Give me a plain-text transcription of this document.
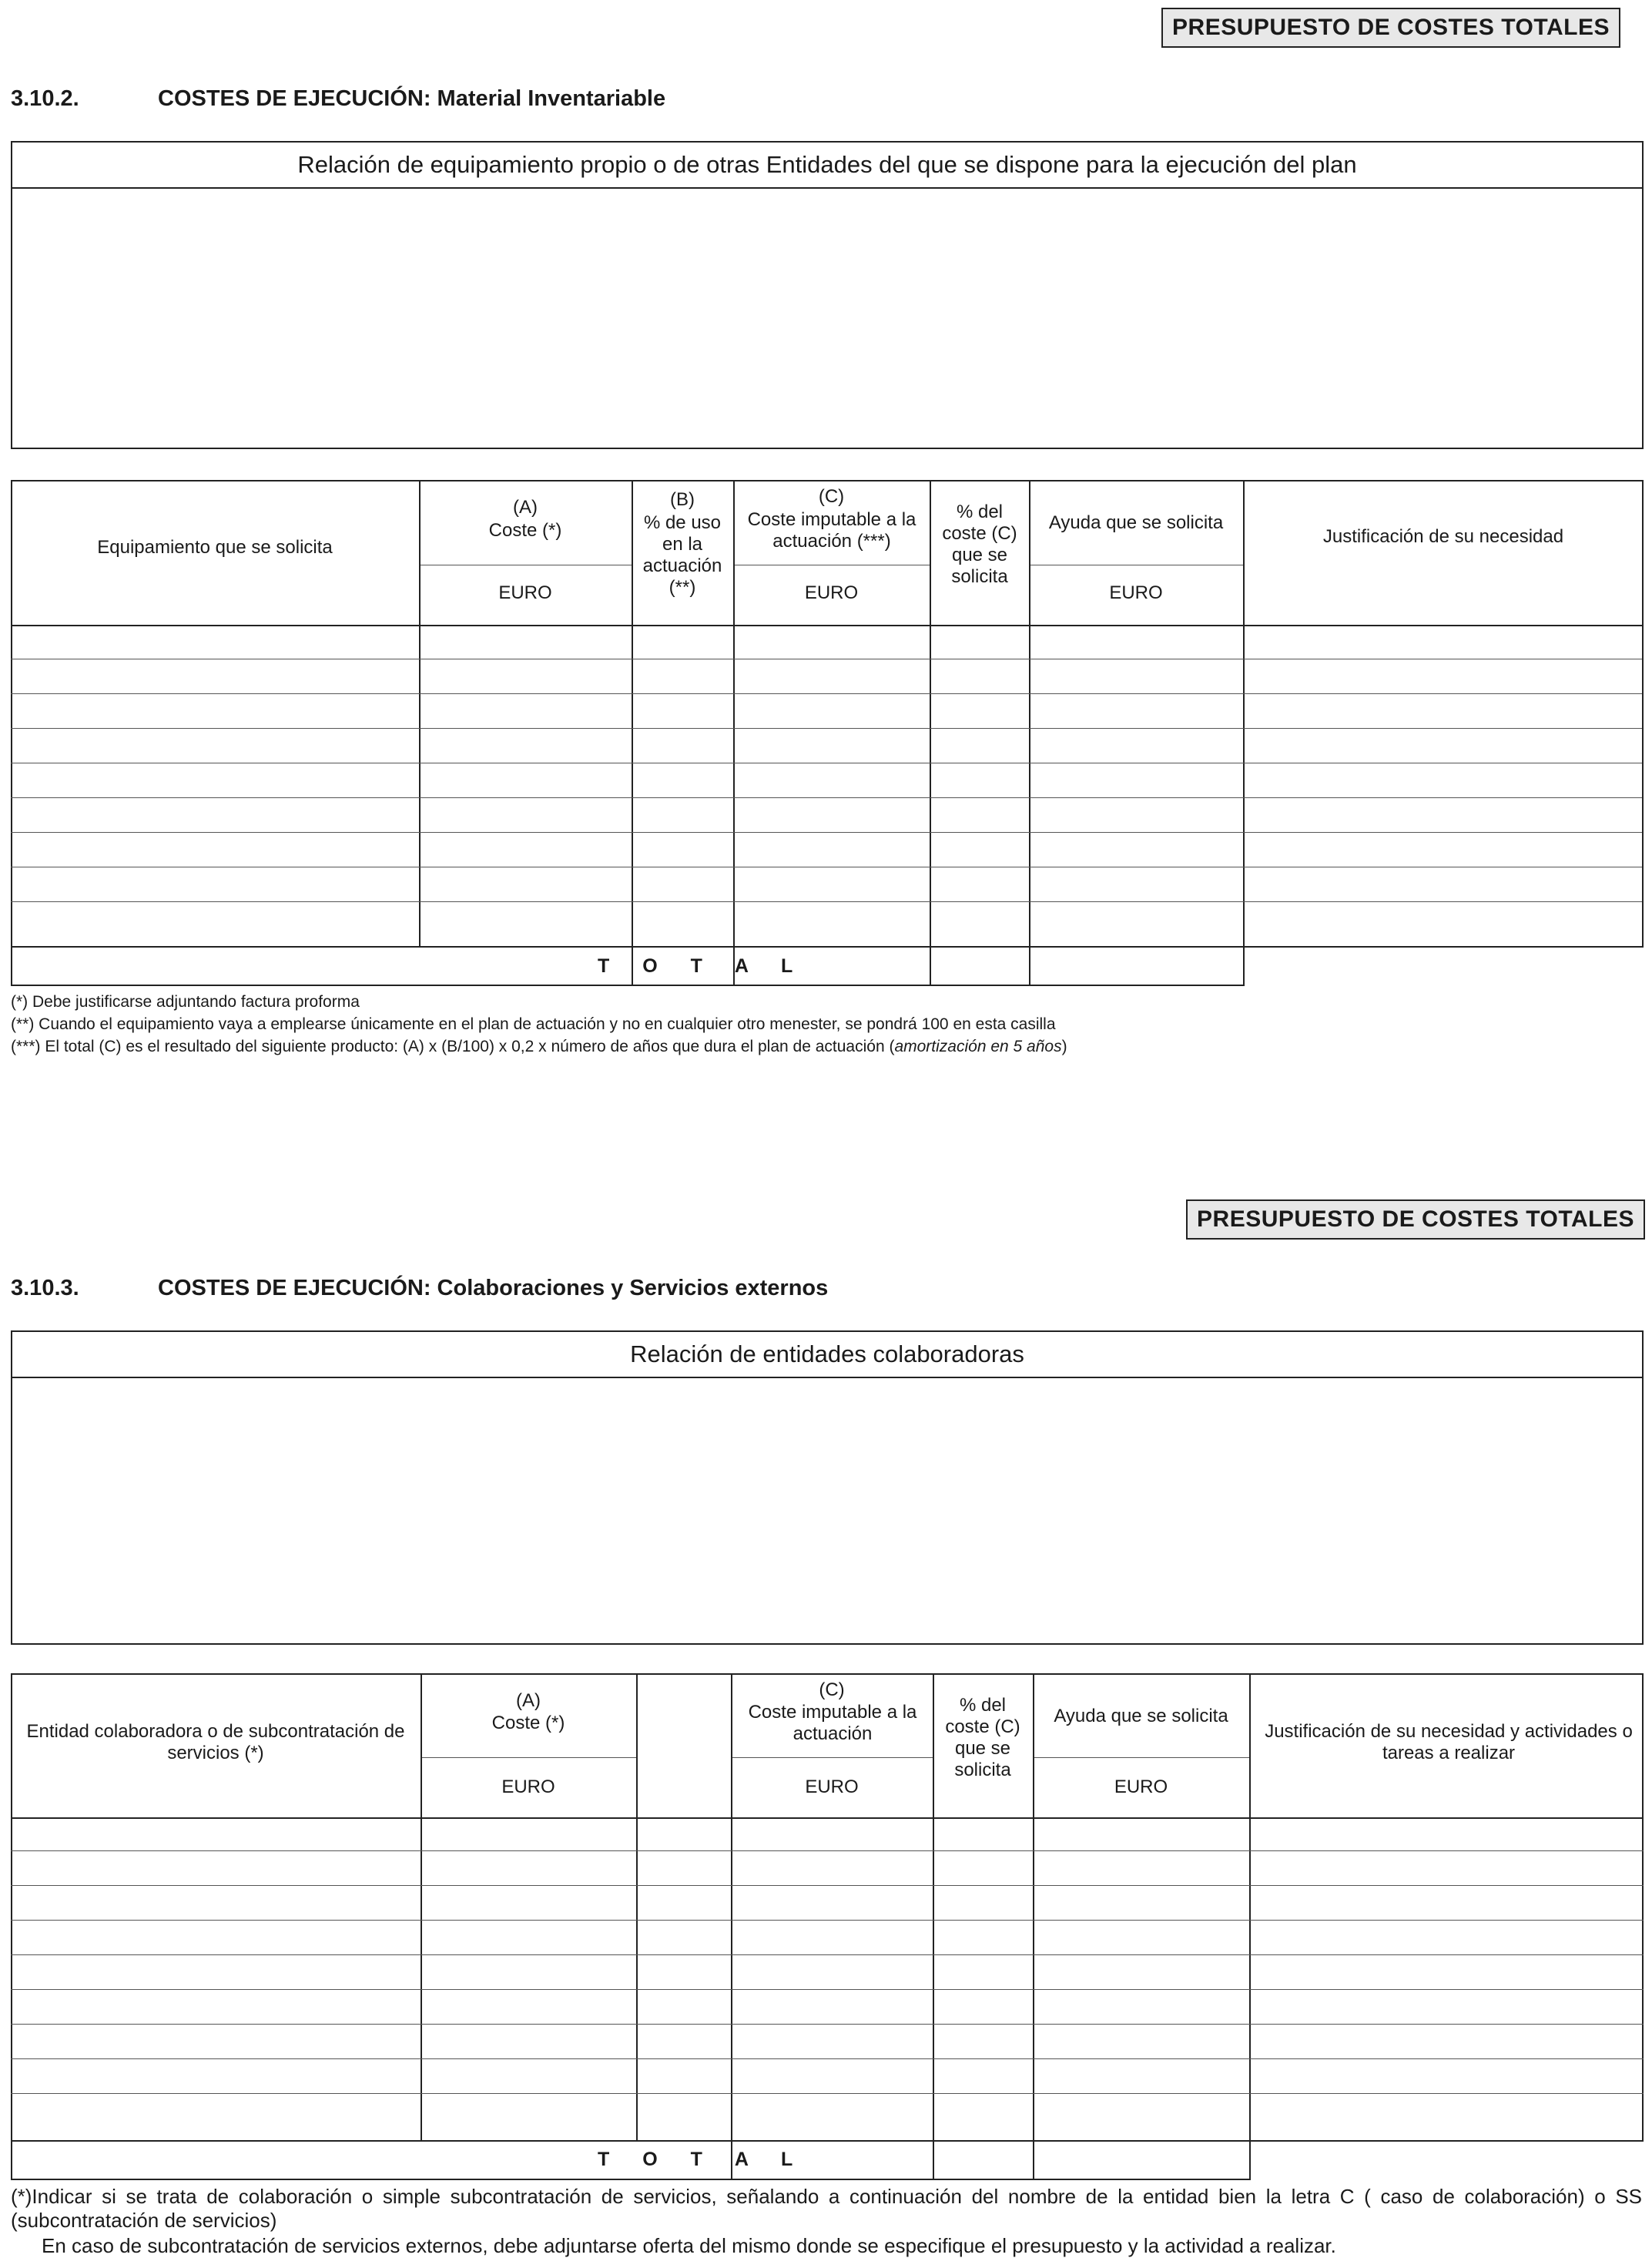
PRESUPUESTO DE COSTES TOTALES
3.10.2.	COSTES DE EJECUCIÓN: Material Inventariable
Relación de equipamiento propio o de otras Entidades del que se dispone para la ejecución del plan
Equipamiento que se solicita
(A)
Coste (*)
EURO
(B)
% de uso en la actuación (**)
(C)
Coste imputable a la actuación (***)
EURO
% del coste (C) que se solicita
Ayuda que se solicita
EURO
Justificación de su necesidad
T O T A L
(*) Debe justificarse adjuntando factura proforma
(**) Cuando el equipamiento vaya a emplearse únicamente en el plan de actuación y no en cualquier otro menester, se pondrá 100 en esta casilla
(***) El total (C) es el resultado del siguiente producto: (A) x (B/100) x 0,2 x número de años que dura el plan de actuación (amortización en 5 años)
PRESUPUESTO DE COSTES TOTALES
3.10.3.	COSTES DE EJECUCIÓN: Colaboraciones y Servicios externos
Relación de entidades colaboradoras
Entidad colaboradora o de subcontratación de servicios (*)
(A)
Coste (*)
EURO
(C)
Coste imputable a la actuación
EURO
% del coste (C) que se solicita
Ayuda que se solicita
EURO
Justificación de su necesidad y actividades o tareas a realizar
T O T A L
(*)Indicar si se trata de colaboración o simple subcontratación de servicios, señalando a continuación del nombre de la entidad bien la letra C ( caso de colaboración) o SS (subcontratación de servicios)
En caso de subcontratación de servicios externos, debe adjuntarse oferta del mismo donde se especifique el presupuesto y la actividad a realizar.
